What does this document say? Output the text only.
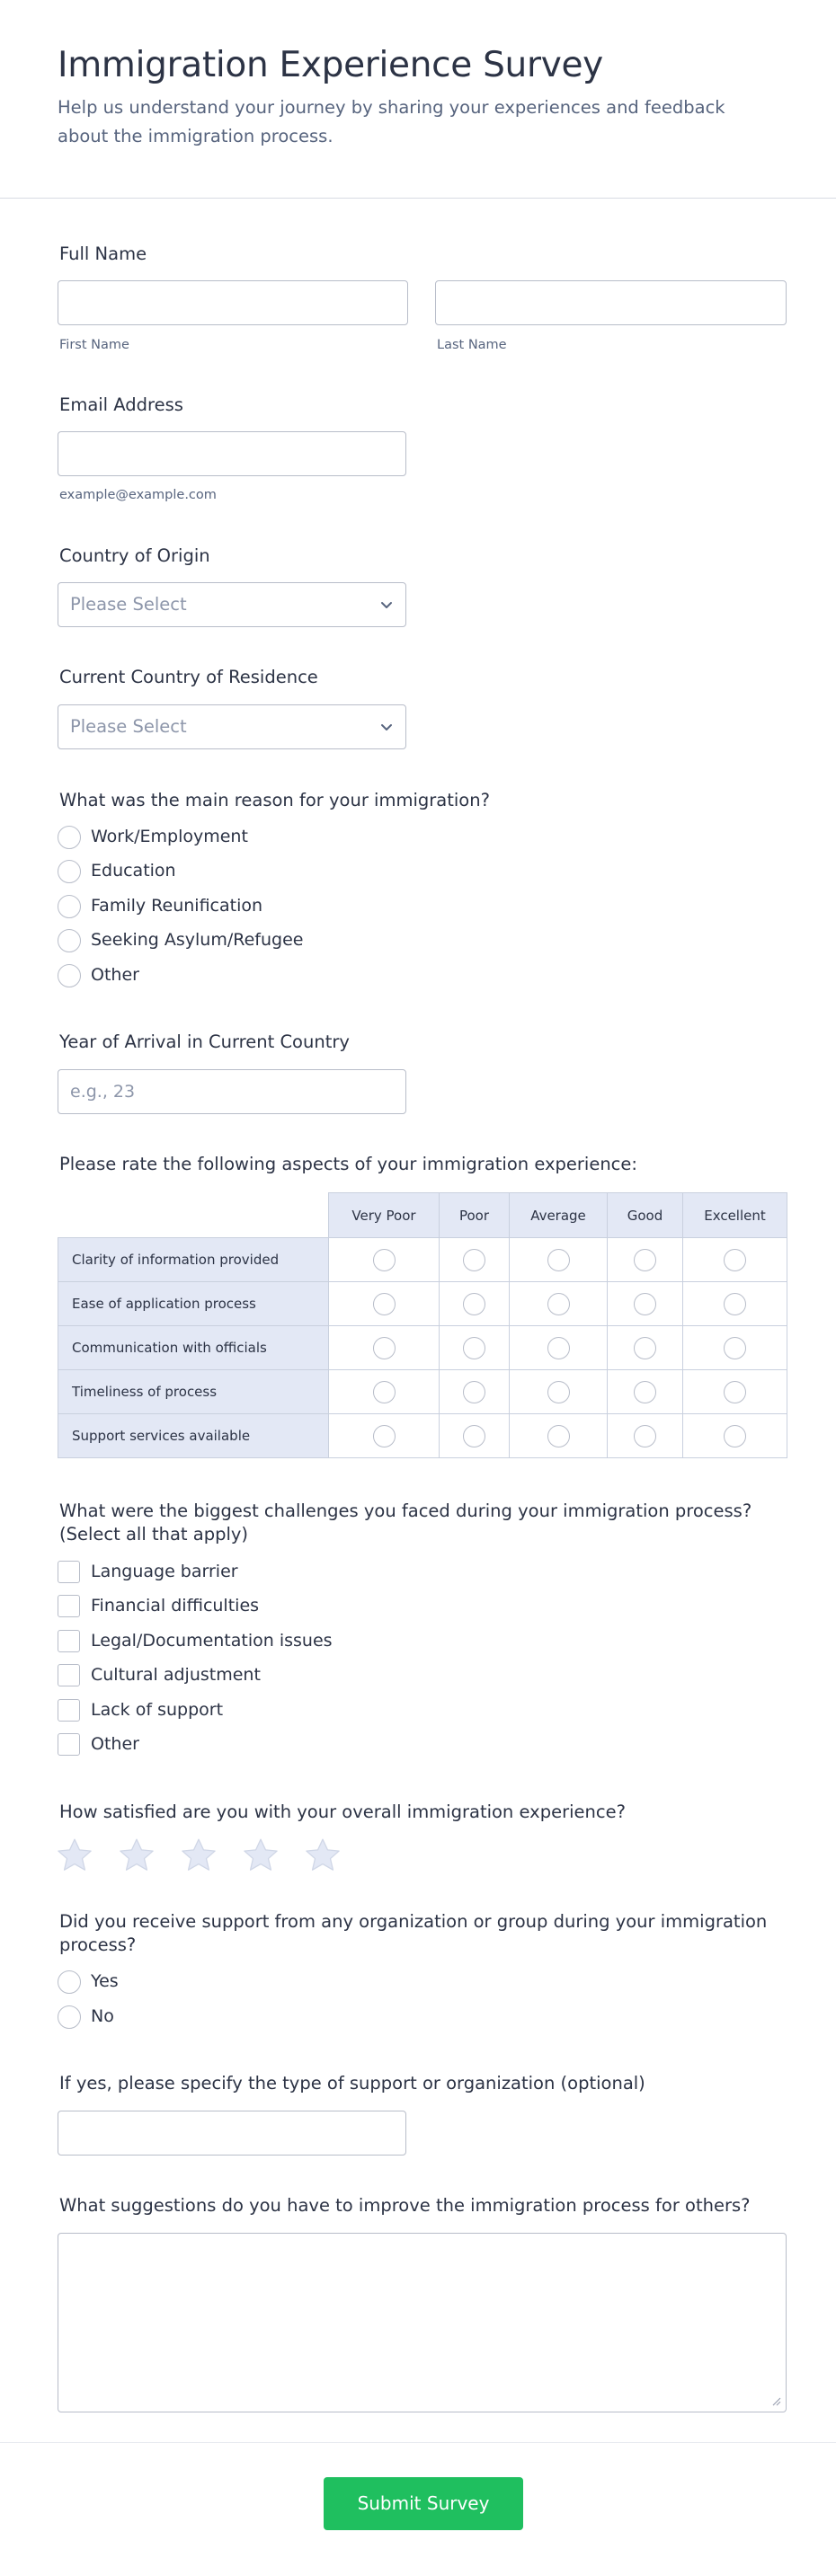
Immigration Experience Survey

Help us understand your journey by sharing your experiences and feedback about the immigration process.

Full Name
First Name	Last Name
Email Address
example@example.com
Country of Origin
Please Select
Current Country of Residence
Please Select
What was the main reason for your immigration?
Work/Employment
Education
Family Reunification
Seeking Asylum/Refugee
Other
Year of Arrival in Current Country
e.g., 23
Please rate the following aspects of your immigration experience:
	Very Poor	Poor	Average	Good	Excellent
Clarity of information provided					
Ease of application process					
Communication with officials					
Timeliness of process					
Support services available					
What were the biggest challenges you faced during your immigration process? (Select all that apply)
Language barrier
Financial difficulties
Legal/Documentation issues
Cultural adjustment
Lack of support
Other
How satisfied are you with your overall immigration experience?
Did you receive support from any organization or group during your immigration process?
Yes
No
If yes, please specify the type of support or organization (optional)
What suggestions do you have to improve the immigration process for others?
Submit Survey
